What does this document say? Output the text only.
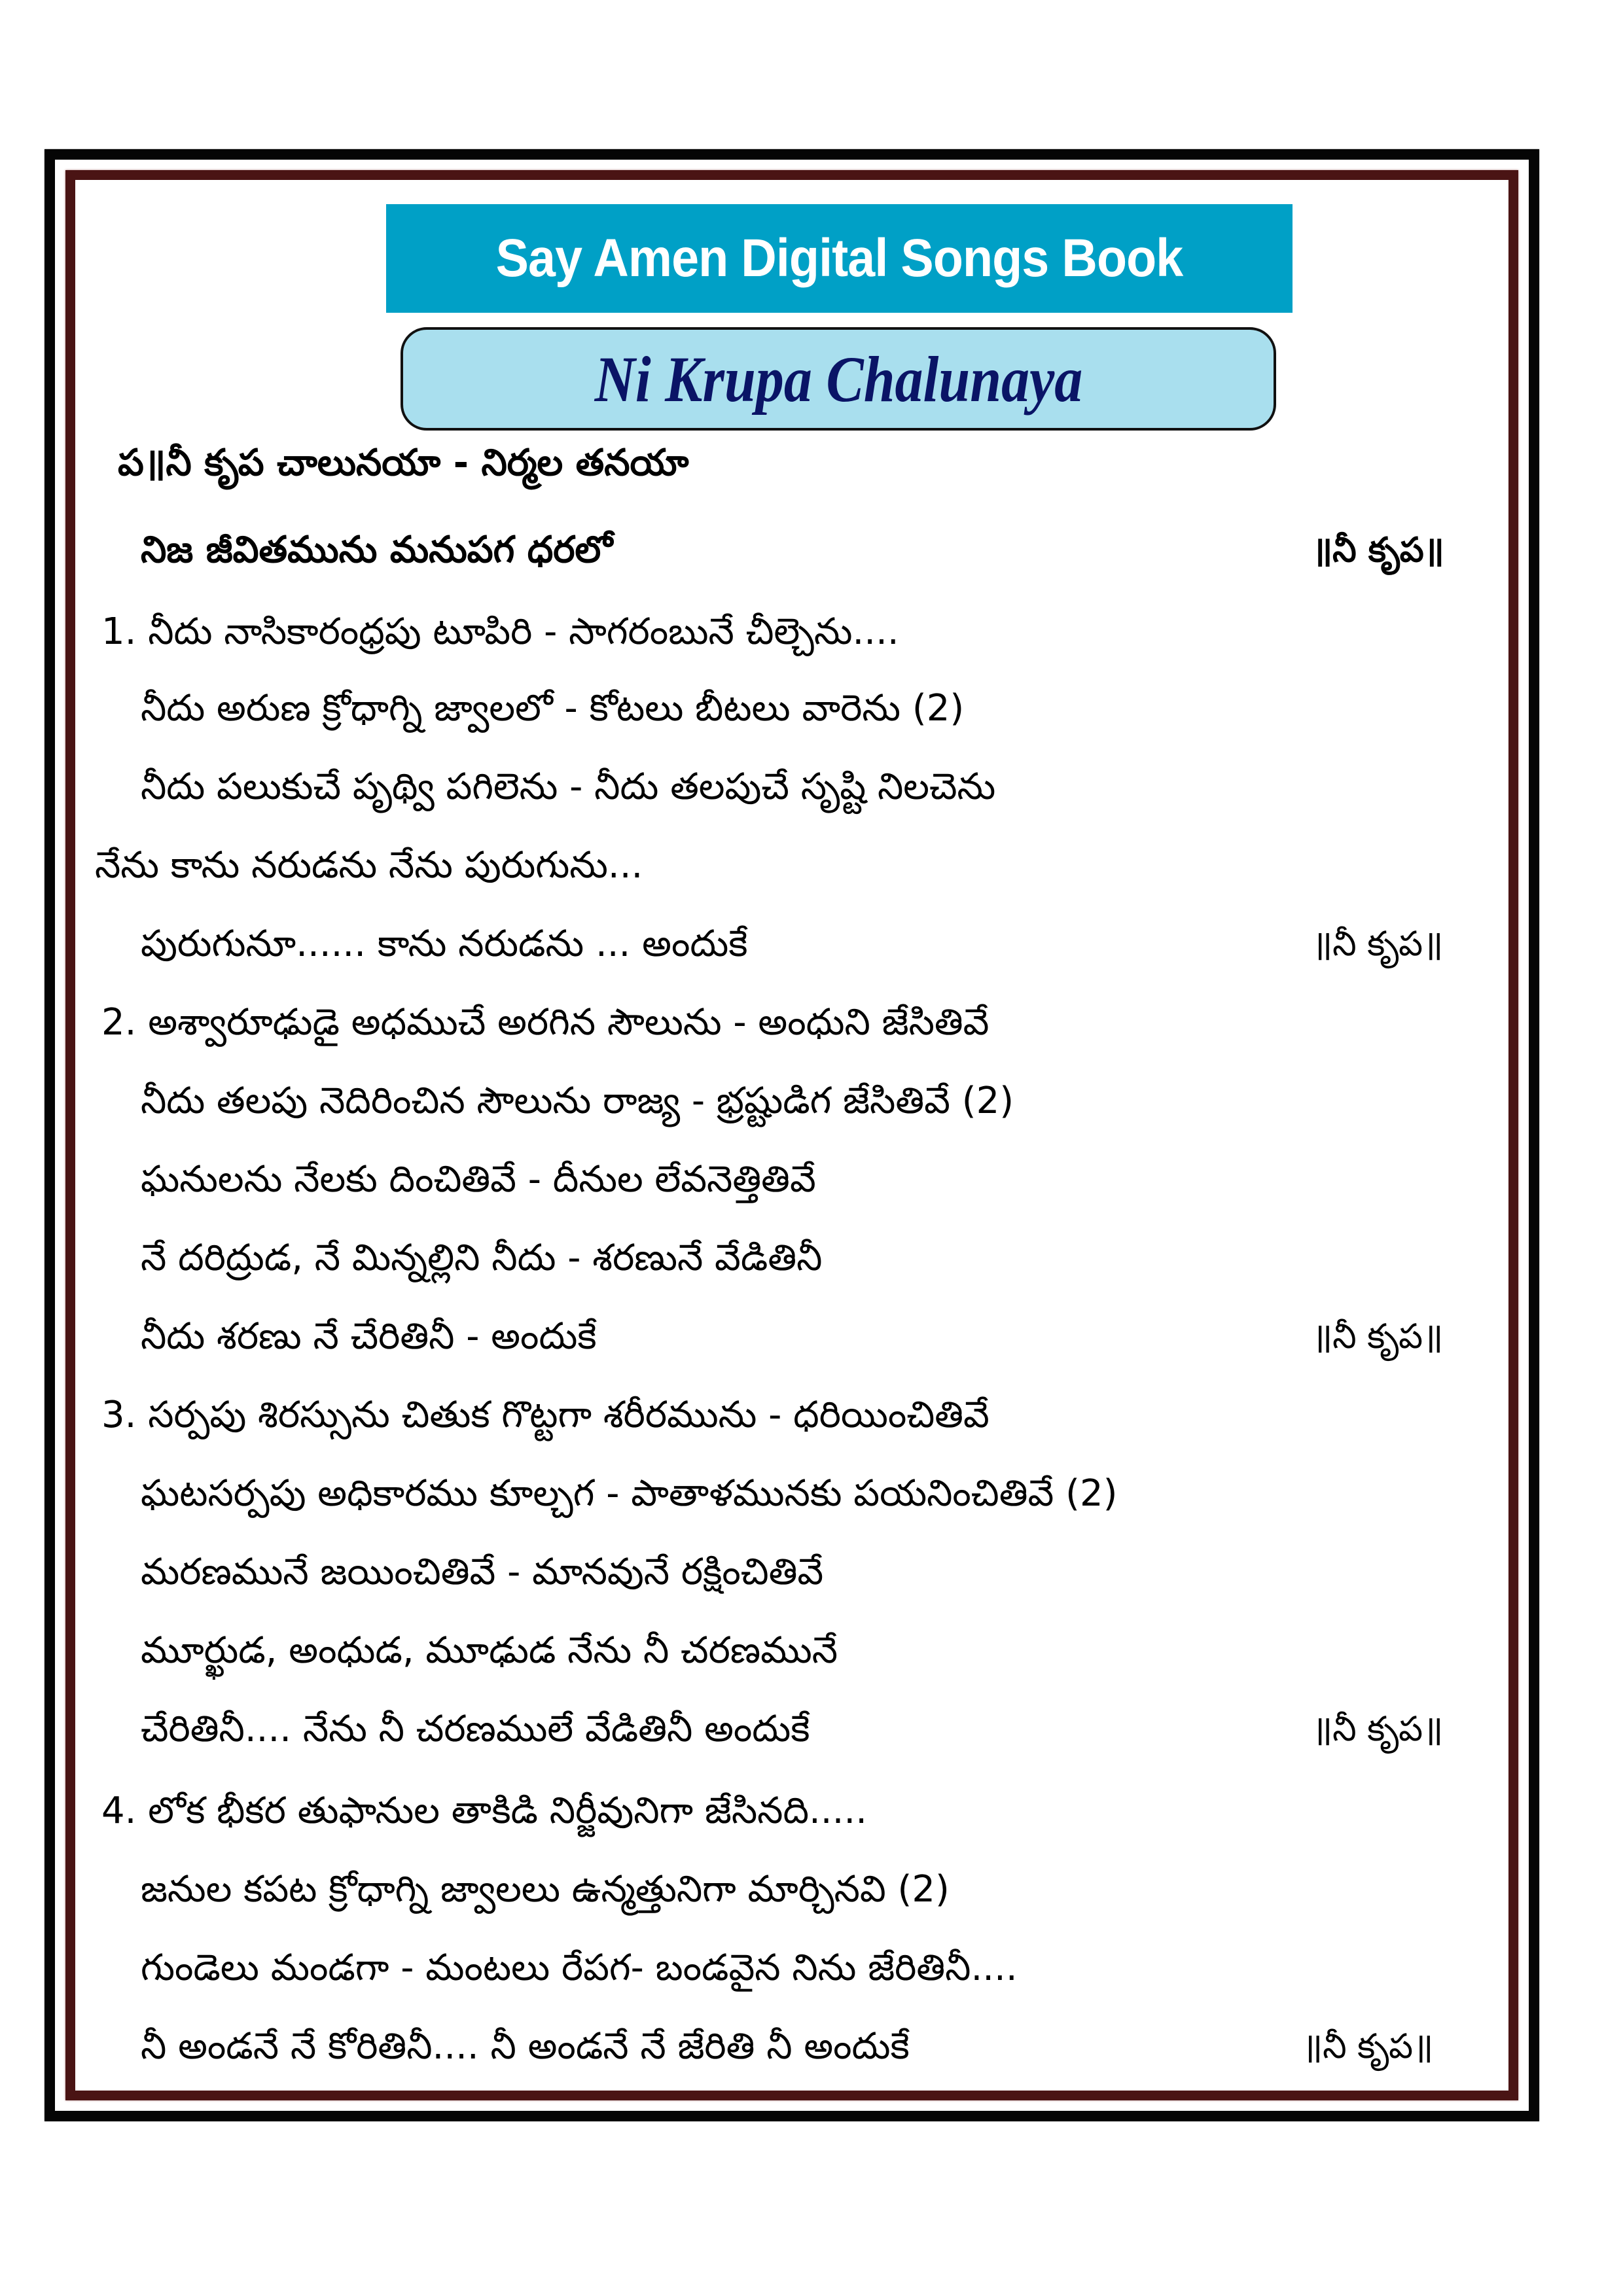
Say Amen Digital Songs Book
Ni Krupa Chalunaya
ప॥నీ కృప చాలునయా - నిర్మల తనయా
నిజ జీవితమును మనుపగ ధరలో	॥నీ కృప॥
1. నీదు నాసికారంధ్రపు టూపిరి - సాగరంబునే చీల్చెను....
నీదు అరుణ క్రోధాగ్ని జ్వాలలో - కోటలు బీటలు వారెను (2)
నీదు పలుకుచే పృథ్వి పగిలెను - నీదు తలపుచే సృష్టి నిలచెను
నేను కాను నరుడను నేను పురుగును...
పురుగునూ...... కాను నరుడను ... అందుకే	॥నీ కృప॥
2. అశ్వారూఢుడై అధముచే అరగిన సౌలును - అంధుని జేసితివే
నీదు తలపు నెదిరించిన సౌలును రాజ్య - భ్రష్టుడిగ జేసితివే (2)
ఘనులను నేలకు దించితివే - దీనుల లేవనెత్తితివే
నే దరిద్రుడ, నే మిన్నల్లిని నీదు - శరణునే వేడితినీ
నీదు శరణు నే చేరితినీ - అందుకే	॥నీ కృప॥
3. సర్పపు శిరస్సును చితుక గొట్టగా శరీరమును - ధరియించితివే
ఘటసర్పపు అధికారము కూల్చగ - పాతాళమునకు పయనించితివే (2)
మరణమునే జయించితివే - మానవునే రక్షించితివే
మూర్ఖుడ, అంధుడ, మూఢుడ నేను నీ చరణమునే
చేరితినీ.... నేను నీ చరణములే వేడితినీ అందుకే	॥నీ కృప॥
4. లోక భీకర తుఫానుల తాకిడి నిర్జీవునిగా జేసినది.....
జనుల కపట క్రోధాగ్ని జ్వాలలు ఉన్మత్తునిగా మార్చినవి (2)
గుండెలు మండగా - మంటలు రేపగ- బండవైన నిను జేరితినీ....
నీ అండనే నే కోరితినీ.... నీ అండనే నే జేరితి నీ అందుకే	॥నీ కృప॥
